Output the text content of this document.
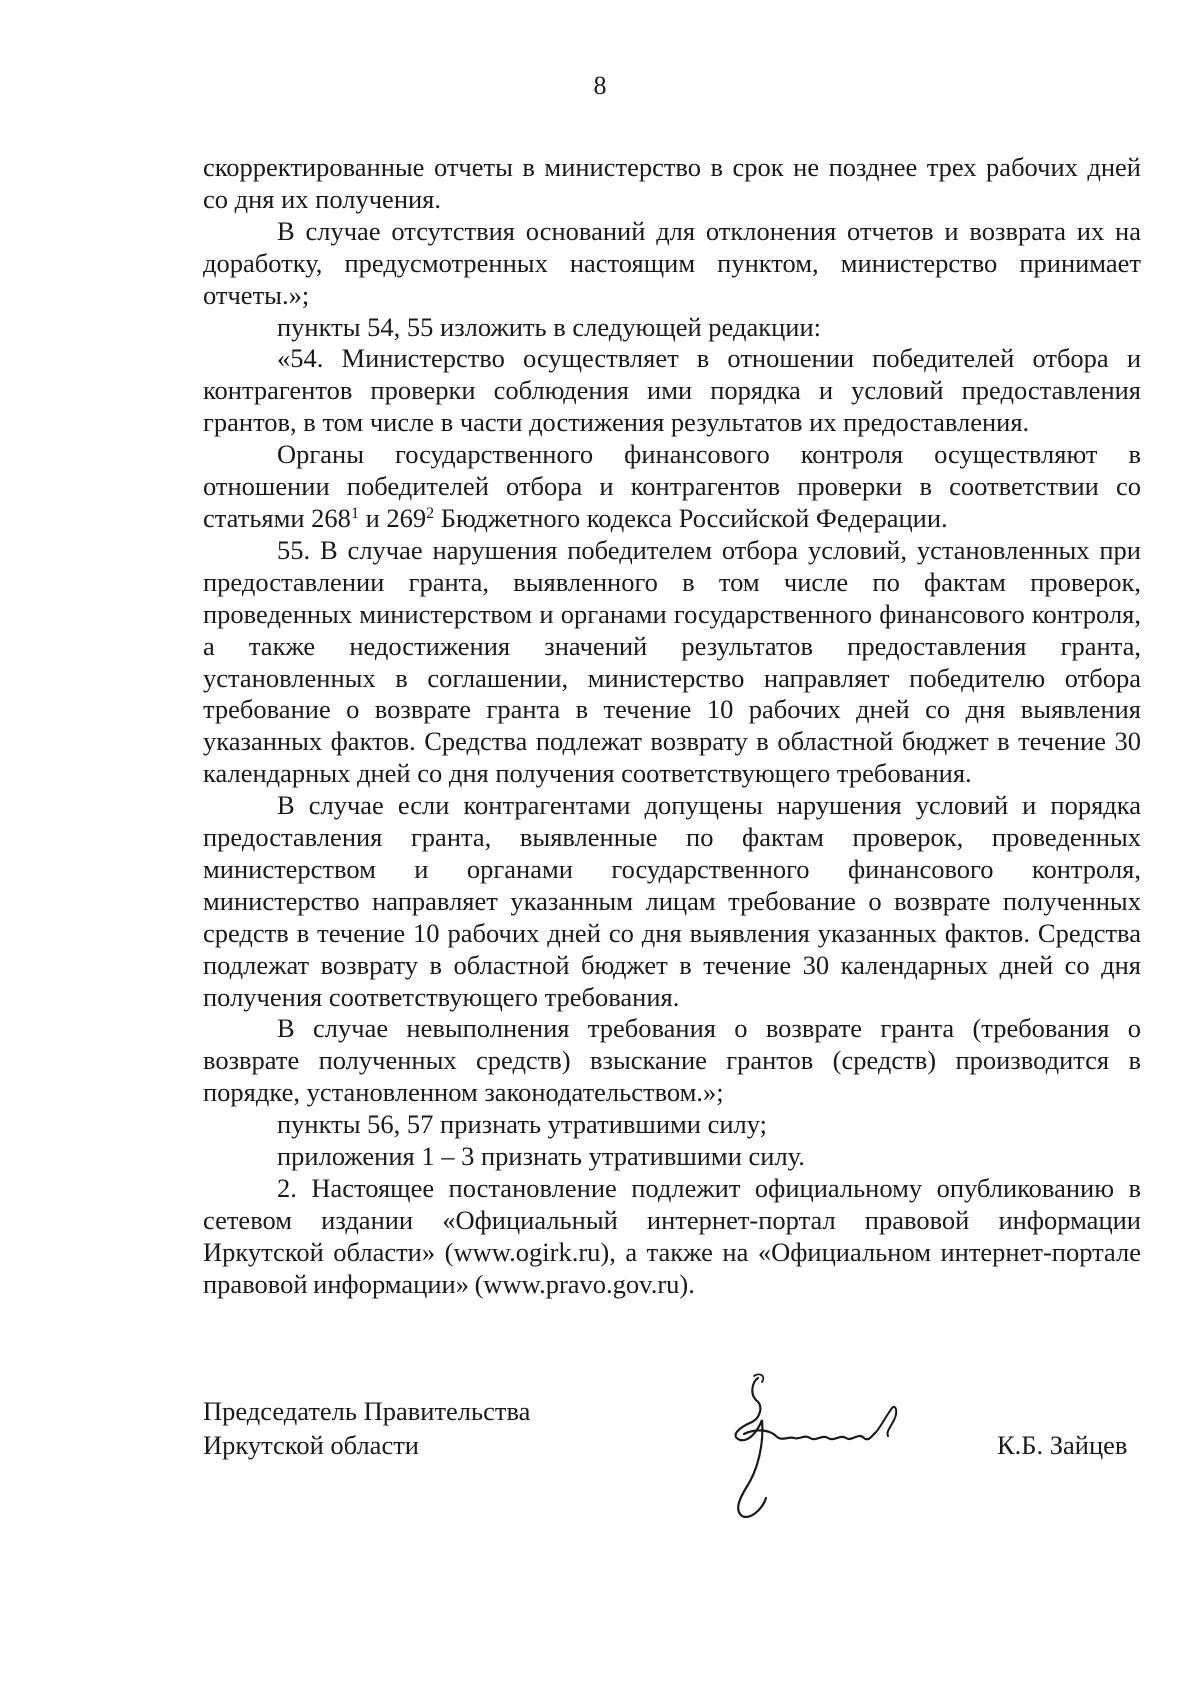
8

скорректированные отчеты в министерство в срок не позднее трех рабочих дней со дня их получения.

В случае отсутствия оснований для отклонения отчетов и возврата их на доработку, предусмотренных настоящим пунктом, министерство принимает отчеты.»;

пункты 54, 55 изложить в следующей редакции:

«54. Министерство осуществляет в отношении победителей отбора и контрагентов проверки соблюдения ими порядка и условий предоставления грантов, в том числе в части достижения результатов их предоставления.

Органы государственного финансового контроля осуществляют в отношении победителей отбора и контрагентов проверки в соответствии со статьями $268^1$ и $269^2$ Бюджетного кодекса Российской Федерации.

55. В случае нарушения победителем отбора условий, установленных при предоставлении гранта, выявленного в том числе по фактам проверок, проведенных министерством и органами государственного финансового контроля, а также недостижения значений результатов предоставления гранта, установленных в соглашении, министерство направляет победителю отбора требование о возврате гранта в течение 10 рабочих дней со дня выявления указанных фактов. Средства подлежат возврату в областной бюджет в течение 30 календарных дней со дня получения соответствующего требования.

В случае если контрагентами допущены нарушения условий и порядка предоставления гранта, выявленные по фактам проверок, проведенных министерством и органами государственного финансового контроля, министерство направляет указанным лицам требование о возврате полученных средств в течение 10 рабочих дней со дня выявления указанных фактов. Средства подлежат возврату в областной бюджет в течение 30 календарных дней со дня получения соответствующего требования.

В случае невыполнения требования о возврате гранта (требования о возврате полученных средств) взыскание грантов (средств) производится в порядке, установленном законодательством.»;

пункты 56, 57 признать утратившими силу;

приложения 1 – 3 признать утратившими силу.

2. Настоящее постановление подлежит официальному опубликованию в сетевом издании «Официальный интернет-портал правовой информации Иркутской области» (www.ogirk.ru), а также на «Официальном интернет-портале правовой информации» (www.pravo.gov.ru).

Председатель Правительства
Иркутской области	К.Б. Зайцев
